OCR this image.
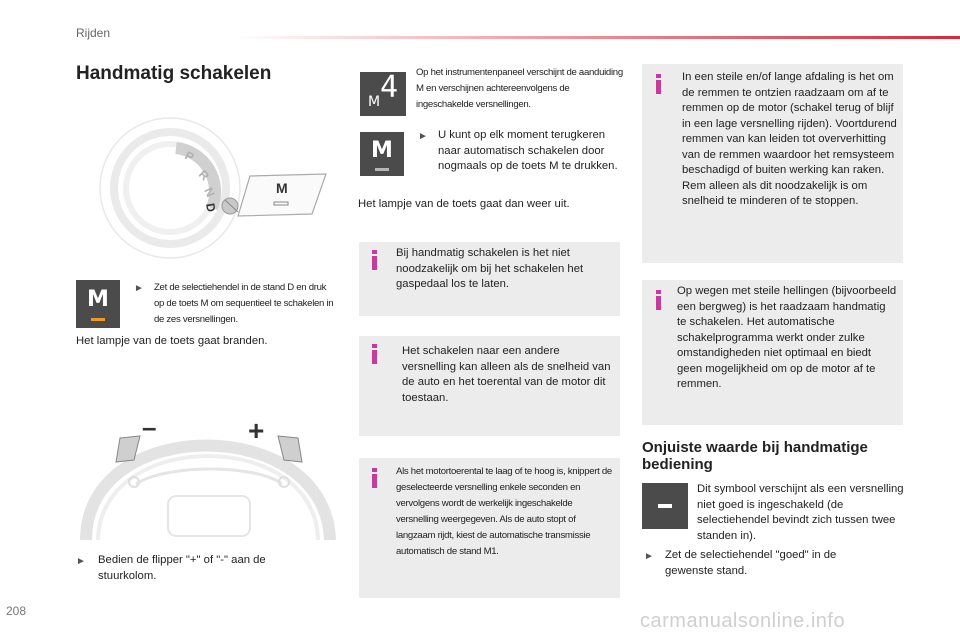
Rijden
Handmatig schakelen
P
R
N
D
M
M	► Zet de selectiehendel in de stand D en druk op de toets M om sequentieel te schakelen in de zes versnellingen.
Het lampje van de toets gaat branden.
–	+
► Bedien de flipper "+" of "-" aan de stuurkolom.
M 4 Op het instrumentenpaneel verschijnt de aanduiding M en verschijnen achtereenvolgens de ingeschakelde versnellingen.
M
► U kunt op elk moment terugkeren naar automatisch schakelen door nogmaals op de toets M te drukken.
Het lampje van de toets gaat dan weer uit.
Bij handmatig schakelen is het niet noodzakelijk om bij het schakelen het gaspedaal los te laten.
Het schakelen naar een andere versnelling kan alleen als de snelheid van de auto en het toerental van de motor dit toestaan.
Als het motortoerental te laag of te hoog is, knippert de geselecteerde versnelling enkele seconden en vervolgens wordt de werkelijk ingeschakelde versnelling weergegeven. Als de auto stopt of langzaam rijdt, kiest de automatische transmissie automatisch de stand M1.
In een steile en/of lange afdaling is het om de remmen te ontzien raadzaam om af te remmen op de motor (schakel terug of blijf in een lage versnelling rijden). Voortdurend remmen van kan leiden tot oververhitting van de remmen waardoor het remsysteem beschadigd of buiten werking kan raken. Rem alleen als dit noodzakelijk is om snelheid te minderen of te stoppen.
Op wegen met steile hellingen (bijvoorbeeld een bergweg) is het raadzaam handmatig te schakelen. Het automatische schakelprogramma werkt onder zulke omstandigheden niet optimaal en biedt geen mogelijkheid om op de motor af te remmen.
Onjuiste waarde bij handmatige bediening
Dit symbool verschijnt als een versnelling niet goed is ingeschakeld (de selectiehendel bevindt zich tussen twee standen in).
► Zet de selectiehendel "goed" in de gewenste stand.
208	carmanualsonline.info
